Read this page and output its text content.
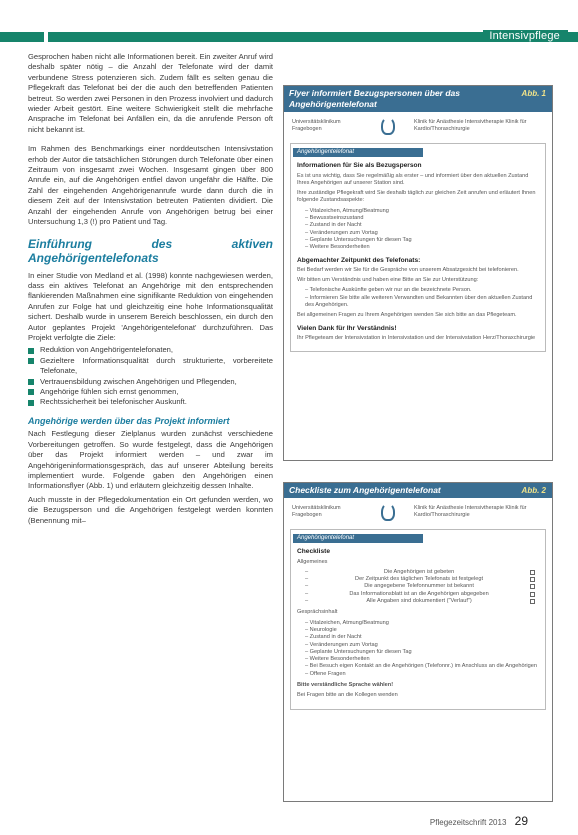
Intensivpflege

Gesprochen haben nicht alle Informationen bereit. Ein zweiter Anruf wird deshalb später nötig – die Anzahl der Telefonate wird der damit verbundene Stress potenzieren sich. Zudem fällt es selten genau die Pflegekraft das Telefonat bei der die auch den betreffenden Patienten betreut. So werden zwei Personen in den Prozess involviert und dadurch wieder Arbeit gestört. Eine weitere Schwierigkeit stellt die mehrfache Ansprache im Telefonat bei Anfällen ein, da die anrufende Person oft nicht bekannt ist.

Im Rahmen des Benchmarkings einer norddeutschen Intensivstation erhob der Autor die tatsächlichen Störungen durch Telefonate über einen Zeitraum von insgesamt zwei Wochen. Insgesamt gingen über 800 Anrufe ein, auf die Angehörigen entfiel davon ungefähr die Hälfte. Die Zahl der eingehenden Angehörigenanrufe wurde dann durch die in diesem Zeit auf der Intensivstation betreuten Patienten dividiert. Die Anzahl der eingehenden Anrufe von Angehörigen betrug bei einer Untersuchung 1,3 (!) pro Patient und Tag.

Einführung des aktiven Angehörigentelefonats

In einer Studie von Medland et al. (1998) konnte nachgewiesen werden, dass ein aktives Telefonat an Angehörige mit den entsprechenden flankierenden Maßnahmen eine signifikante Reduktion von eingehenden Anrufen zur Folge hat und gleichzeitig eine hohe Informationsqualität sichert. Deshalb wurde in unserem Bereich beschlossen, ein durch den Autor geplantes Projekt 'Angehörigentelefonat' durchzuführen. Das Projekt verfolgte die Ziele:

Reduktion von Angehörigentelefonaten,
Gezieltere Informationsqualität durch strukturierte, vorbereitete Telefonate,
Vertrauensbildung zwischen Angehörigen und Pflegenden,
Angehörige fühlen sich ernst genommen,
Rechtssicherheit bei telefonischer Auskunft.
Angehörige werden über das Projekt informiert

Nach Festlegung dieser Zielplanus wurden zunächst verschiedene Vorbereitungen getroffen. So wurde festgelegt, dass die Angehörigen über das Projekt informiert werden – und zwar im Angehörigeninformationsgespräch, das auf unserer Abteilung bereits implementiert wurde. Folgende gaben den Angehörigen einen Informationsflyer (Abb. 1) und erläutern gleichzeitig dessen Inhalte.

Auch musste in der Pflegedokumentation ein Ort gefunden werden, wo die Bezugsperson und die Angehörigen festgelegt werden konnten (Benennung mit–

Flyer informiert Bezugspersonen über das Angehörigentelefonat
Abb. 1
Universitätsklinikum Fragebogen
Klinik für Anästhesie Intensivtherapie Klinik für Kardio/Thoraxchirurgie
Angehörigentelefonat
Informationen für Sie als Bezugsperson

Es ist uns wichtig, dass Sie regelmäßig als erster – und informiert über den aktuellen Zustand Ihres Angehörigen auf unserer Station sind.

Ihre zuständige Pflegekraft wird Sie deshalb täglich zur gleichen Zeit anrufen und erläutert Ihnen folgende Zustandsaspekte:

– Vitalzeichen, Atmung/Beatmung
– Bewusstseinszustand
– Zustand in der Nacht
– Veränderungen zum Vortag
– Geplante Untersuchungen für diesen Tag
– Weitere Besonderheiten
Abgemachter Zeitpunkt des Telefonats:

Bei Bedarf werden wir Sie für die Gespräche von unserem Absatzgesicht bei telefonieren.

Wir bitten um Verständnis und haben eine Bitte an Sie zur Unterstützung:

– Telefonische Auskünfte geben wir nur an die bezeichnete Person.
– Informieren Sie bitte alle weiteren Verwandten und Bekannten über den aktuellen Zustand des Angehörigen.

Bei allgemeinen Fragen zu Ihrem Angehörigen wenden Sie sich bitte an das Pflegeteam.

Vielen Dank für Ihr Verständnis!

Ihr Pflegeteam der Intensivstation in Intensivstation und der Intensivstation Herz/Thoraxchirurgie

Checkliste zum Angehörigentelefonat	Abb. 2
Universitätsklinikum Fragebogen
Klinik für Anästhesie Intensivtherapie Klinik für Kardio/Thoraxchirurgie
Angehörigentelefonat
Checkliste

Allgemeines

– Die Angehörigen ist gebeten
– Der Zeitpunkt des täglichen Telefonats ist festgelegt
– Die angegebene Telefonnummer ist bekannt
– Das Informationsblatt ist an die Angehörigen abgegeben
– Alle Angaben sind dokumentiert ("Verlauf")

Gesprächsinhalt

– Vitalzeichen, Atmung/Beatmung
– Neurologie
– Zustand in der Nacht
– Veränderungen zum Vortag
– Geplante Untersuchungen für diesen Tag
– Weitere Besonderheiten
– Bei Besuch eigen Kontakt an die Angehörigen (Telefonnr.) im Anschluss an die Angehörigen
– Offene Fragen

Bitte verständliche Sprache wählen!

Bei Fragen bitte an die Kollegen wenden

Pflegezeitschrift 2013 29
